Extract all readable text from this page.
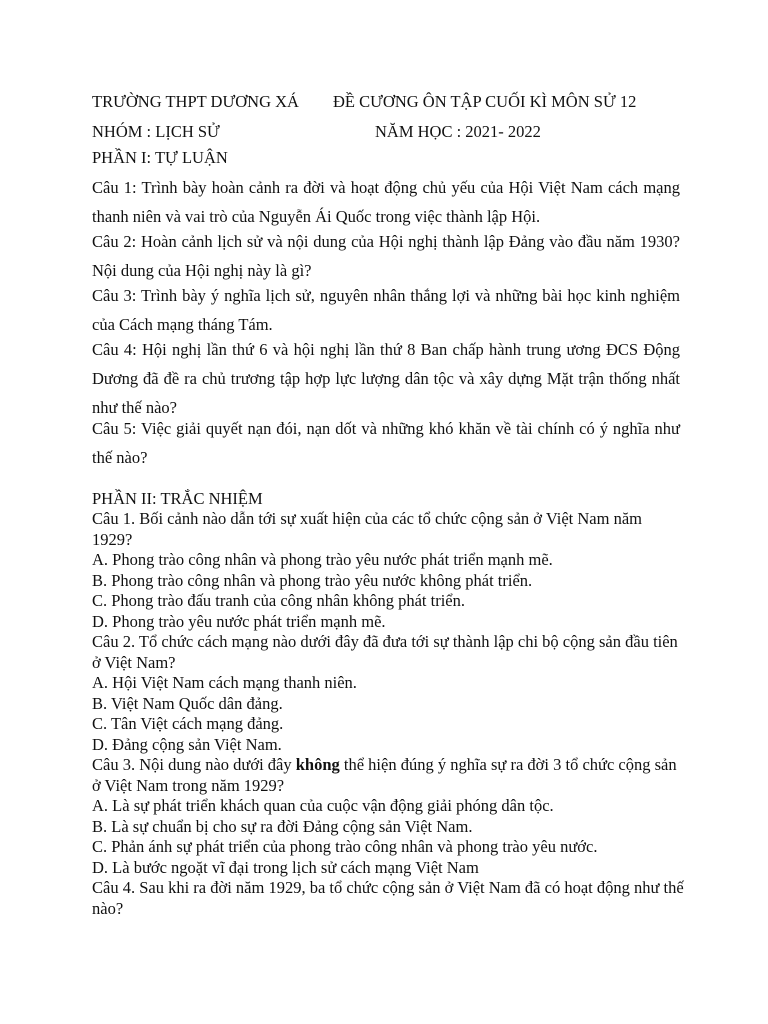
TRƯỜNG THPT DƯƠNG XÁ ĐỀ CƯƠNG ÔN TẬP CUỐI KÌ MÔN SỬ 12
NHÓM : LỊCH SỬ	NĂM HỌC : 2021- 2022
PHẦN I: TỰ LUẬN
Câu 1: Trình bày hoàn cảnh ra đời và hoạt động chủ yếu của Hội Việt Nam cách mạng thanh niên và vai trò của Nguyễn Ái Quốc trong việc thành lập Hội.
Câu 2: Hoàn cảnh lịch sử và nội dung của Hội nghị thành lập Đảng vào đầu năm 1930? Nội dung của Hội nghị này là gì?
Câu 3: Trình bày ý nghĩa lịch sử, nguyên nhân thắng lợi và những bài học kinh nghiệm của Cách mạng tháng Tám.
Câu 4: Hội nghị lần thứ 6 và hội nghị lần thứ 8 Ban chấp hành trung ương ĐCS Động Dương đã đề ra chủ trương tập hợp lực lượng dân tộc và xây dựng Mặt trận thống nhất như thế nào?
Câu 5: Việc giải quyết nạn đói, nạn dốt và những khó khăn về tài chính có ý nghĩa như thế nào?
PHẦN II: TRẮC NHIỆM
Câu 1. Bối cảnh nào dẫn tới sự xuất hiện của các tổ chức cộng sản ở Việt Nam năm 1929?
A. Phong trào công nhân và phong trào yêu nước phát triển mạnh mẽ.
B. Phong trào công nhân và phong trào yêu nước không phát triển.
C. Phong trào đấu tranh của công nhân không phát triển.
D. Phong trào yêu nước phát triển mạnh mẽ.
Câu 2. Tổ chức cách mạng nào dưới đây đã đưa tới sự thành lập chi bộ cộng sản đầu tiên ở Việt Nam?
A. Hội Việt Nam cách mạng thanh niên.
B. Việt Nam Quốc dân đảng.
C. Tân Việt cách mạng đảng.
D. Đảng cộng sản Việt Nam.
Câu 3. Nội dung nào dưới đây không thể hiện đúng ý nghĩa sự ra đời 3 tổ chức cộng sản ở Việt Nam trong năm 1929?
A. Là sự phát triển khách quan của cuộc vận động giải phóng dân tộc.
B. Là sự chuẩn bị cho sự ra đời Đảng cộng sản Việt Nam.
C. Phản ánh sự phát triển của phong trào công nhân và phong trào yêu nước.
D. Là bước ngoặt vĩ đại trong lịch sử cách mạng Việt Nam
Câu 4. Sau khi ra đời năm 1929, ba tổ chức cộng sản ở Việt Nam đã có hoạt động như thế nào?
